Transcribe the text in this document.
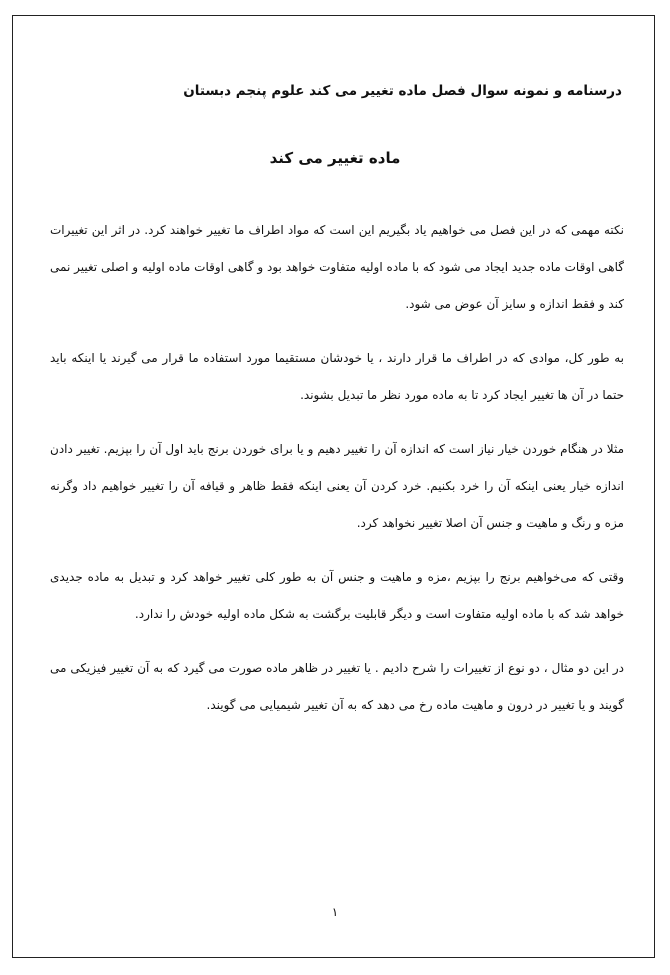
درسنامه و نمونه سوال فصل ماده تغییر می کند علوم پنجم دبستان
ماده تغییر می کند

نکته مهمی که در این فصل می خواهیم یاد بگیریم این است که مواد اطراف ما تغییر خواهند کرد. در اثر این تغییرات گاهی اوقات ماده جدید ایجاد می شود که با ماده اولیه متفاوت خواهد بود و گاهی اوقات ماده اولیه و اصلی تغییر نمی کند و فقط اندازه و سایز آن عوض می شود.

به طور کل، موادی که در اطراف ما قرار دارند ، یا خودشان مستقیما مورد استفاده ما قرار می گیرند یا اینکه باید حتما در آن ها تغییر ایجاد کرد تا به ماده مورد نظر ما تبدیل بشوند.

مثلا در هنگام خوردن خیار نیاز است که اندازه آن را تغییر دهیم و یا برای خوردن برنج باید اول آن را بپزیم. تغییر دادن اندازه خیار یعنی اینکه آن را خرد بکنیم. خرد کردن آن یعنی اینکه فقط ظاهر و قیافه آن را تغییر خواهیم داد وگرنه مزه و رنگ و ماهیت و جنس آن اصلا تغییر نخواهد کرد.

وقتی که می‌خواهیم برنج را بپزیم ،مزه و ماهیت و جنس آن به طور کلی تغییر خواهد کرد و تبدیل به ماده جدیدی خواهد شد که با ماده اولیه متفاوت است و دیگر قابلیت برگشت به شکل ماده اولیه خودش را ندارد.

در این دو مثال ، دو نوع از تغییرات را شرح دادیم . یا تغییر در ظاهر ماده صورت می گیرد که به آن تغییر فیزیکی می گویند و یا تغییر در درون و ماهیت ماده رخ می دهد که به آن تغییر شیمیایی می گویند.

۱
